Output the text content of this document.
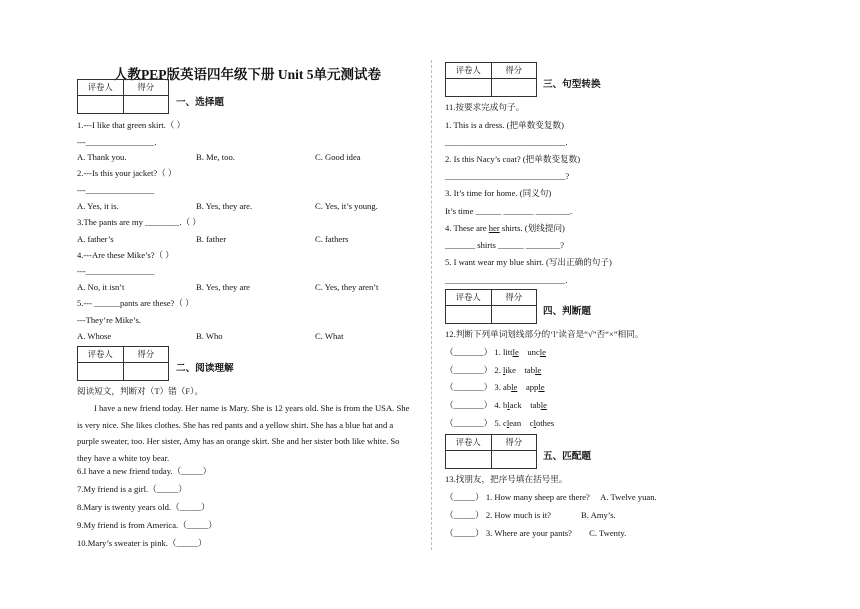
人教PEP版英语四年级下册 Unit 5单元测试卷
评卷人	得分
一、选择题
1.---I like that green skirt.（ ）
---________________.
A. Thank you.	B. Me, too.	C. Good idea
2.---Is this your jacket?（ ）
---________________
A. Yes, it is.	B. Yes, they are.	C. Yes, it’s young.
3.The pants are my ________.（ ）
A. father’s	B. father	C. fathers
4.---Are these Mike’s?（ ）
---________________
A. No, it isn’t	B. Yes, they are	C. Yes, they aren’t
5.--- ______pants are these?（ ）
---They’re Mike’s.
A. Whose	B. Who	C. What
评卷人	得分
二、阅读理解
阅读短文，判断对（T）错（F）。

I have a new friend today. Her name is Mary. She is 12 years old. She is from the USA. She is very nice. She likes clothes. She has red pants and a yellow shirt. She has a blue hat and a purple sweater, too. Her sister, Amy has an orange skirt. She and her sister both like white. So they have a white toy bear.

6.I have a new friend today.（_____）
7.My friend is a girl.（_____）
8.Mary is twenty years old.（_____）
9.My friend is from America.（_____）
10.Mary’s sweater is pink.（_____）
评卷人	得分
三、句型转换
11.按要求完成句子。
1. This is a dress. (把单数变复数)
____________________________.
2. Is this Nacy’s coat? (把单数变复数)
____________________________?
3. It’s time for home. (同义句)
It’s time ______ _______ ________.
4. These are her shirts. (划线提问)
_______ shirts ______ ________?
5. I want wear my blue shirt. (写出正确的句子)
____________________________.
评卷人	得分
四、判断题
12.判断下列单词划线部分的‘l’读音是“√”否“×”相同。
（_______） 1. little uncle
（_______） 2. like table
（_______） 3. able apple
（_______） 4. black table
（_______） 5. clean clothes
评卷人	得分
五、匹配题
13.找朋友，把序号填在括号里。
（_____） 1. How many sheep are there?     A. Twelve yuan.
（_____） 2. How much is it?              B. Amy’s.
（_____） 3. Where are your pants?        C. Twenty.
